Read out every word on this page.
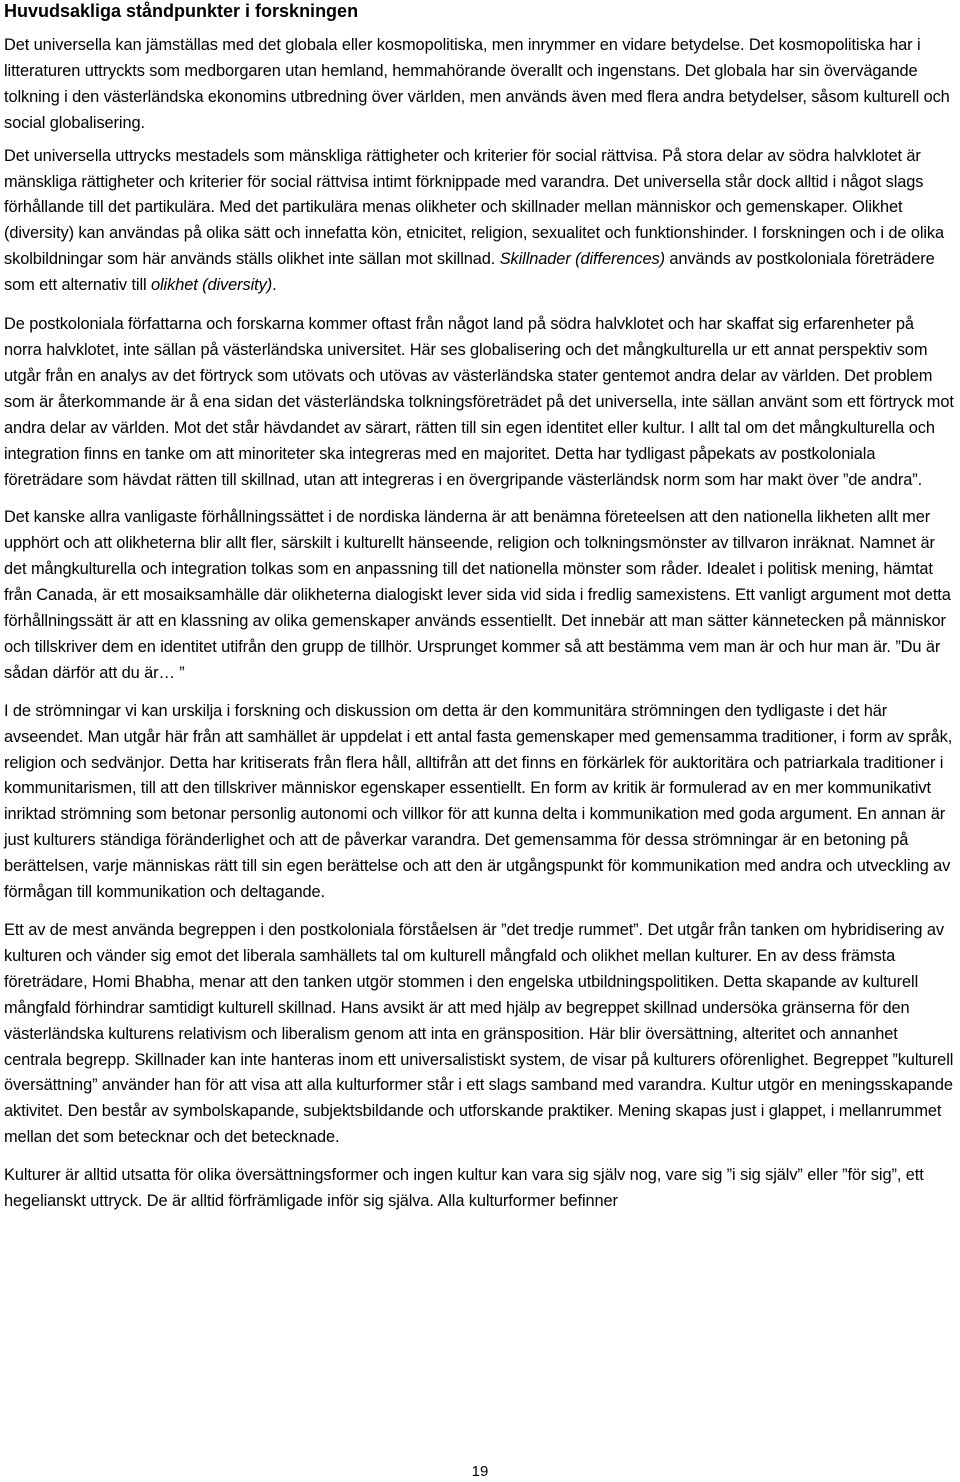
Huvudsakliga ståndpunkter i forskningen

Det universella kan jämställas med det globala eller kosmopolitiska, men inrymmer en vidare betydelse. Det kosmopolitiska har i litteraturen uttryckts som medborgaren utan hemland, hemmahörande överallt och ingenstans. Det globala har sin övervägande tolkning i den västerländska ekonomins utbredning över världen, men används även med flera andra betydelser, såsom kulturell och social globalisering.

Det universella uttrycks mestadels som mänskliga rättigheter och kriterier för social rättvisa. På stora delar av södra halvklotet är mänskliga rättigheter och kriterier för social rättvisa intimt förknippade med varandra. Det universella står dock alltid i något slags förhållande till det partikulära. Med det partikulära menas olikheter och skillnader mellan människor och gemenskaper. Olikhet (diversity) kan användas på olika sätt och innefatta kön, etnicitet, religion, sexualitet och funktionshinder. I forskningen och i de olika skolbildningar som här används ställs olikhet inte sällan mot skillnad. Skillnader (differences) används av postkoloniala företrädere som ett alternativ till olikhet (diversity).

De postkoloniala författarna och forskarna kommer oftast från något land på södra halvklotet och har skaffat sig erfarenheter på norra halvklotet, inte sällan på västerländska universitet. Här ses globalisering och det mångkulturella ur ett annat perspektiv som utgår från en analys av det förtryck som utövats och utövas av västerländska stater gentemot andra delar av världen. Det problem som är återkommande är å ena sidan det västerländska tolkningsföreträdet på det universella, inte sällan använt som ett förtryck mot andra delar av världen. Mot det står hävdandet av särart, rätten till sin egen identitet eller kultur. I allt tal om det mångkulturella och integration finns en tanke om att minoriteter ska integreras med en majoritet. Detta har tydligast påpekats av postkoloniala företrädare som hävdat rätten till skillnad, utan att integreras i en övergripande västerländsk norm som har makt över ”de andra”.

Det kanske allra vanligaste förhållningssättet i de nordiska länderna är att benämna företeelsen att den nationella likheten allt mer upphört och att olikheterna blir allt fler, särskilt i kulturellt hänseende, religion och tolkningsmönster av tillvaron inräknat. Namnet är det mångkulturella och integration tolkas som en anpassning till det nationella mönster som råder. Idealet i politisk mening, hämtat från Canada, är ett mosaiksamhälle där olikheterna dialogiskt lever sida vid sida i fredlig samexistens. Ett vanligt argument mot detta förhållningssätt är att en klassning av olika gemenskaper används essentiellt. Det innebär att man sätter kännetecken på människor och tillskriver dem en identitet utifrån den grupp de tillhör. Ursprunget kommer så att bestämma vem man är och hur man är. ”Du är sådan därför att du är… ”

I de strömningar vi kan urskilja i forskning och diskussion om detta är den kommunitära strömningen den tydligaste i det här avseendet. Man utgår här från att samhället är uppdelat i ett antal fasta gemenskaper med gemensamma traditioner, i form av språk, religion och sedvänjor. Detta har kritiserats från flera håll, alltifrån att det finns en förkärlek för auktoritära och patriarkala traditioner i kommunitarismen, till att den tillskriver människor egenskaper essentiellt. En form av kritik är formulerad av en mer kommunikativt inriktad strömning som betonar personlig autonomi och villkor för att kunna delta i kommunikation med goda argument. En annan är just kulturers ständiga föränderlighet och att de påverkar varandra. Det gemensamma för dessa strömningar är en betoning på berättelsen, varje människas rätt till sin egen berättelse och att den är utgångspunkt för kommunikation med andra och utveckling av förmågan till kommunikation och deltagande.

Ett av de mest använda begreppen i den postkoloniala förståelsen är ”det tredje rummet”. Det utgår från tanken om hybridisering av kulturen och vänder sig emot det liberala samhällets tal om kulturell mångfald och olikhet mellan kulturer. En av dess främsta företrädare, Homi Bhabha, menar att den tanken utgör stommen i den engelska utbildningspolitiken. Detta skapande av kulturell mångfald förhindrar samtidigt kulturell skillnad. Hans avsikt är att med hjälp av begreppet skillnad undersöka gränserna för den västerländska kulturens relativism och liberalism genom att inta en gränsposition. Här blir översättning, alteritet och annanhet centrala begrepp. Skillnader kan inte hanteras inom ett universalistiskt system, de visar på kulturers oförenlighet. Begreppet ”kulturell översättning” använder han för att visa att alla kulturformer står i ett slags samband med varandra. Kultur utgör en meningsskapande aktivitet. Den består av symbolskapande, subjektsbildande och utforskande praktiker. Mening skapas just i glappet, i mellanrummet mellan det som betecknar och det betecknade.

Kulturer är alltid utsatta för olika översättningsformer och ingen kultur kan vara sig själv nog, vare sig ”i sig själv” eller ”för sig”, ett hegelianskt uttryck. De är alltid förfrämligade inför sig själva. Alla kulturformer befinner

19
